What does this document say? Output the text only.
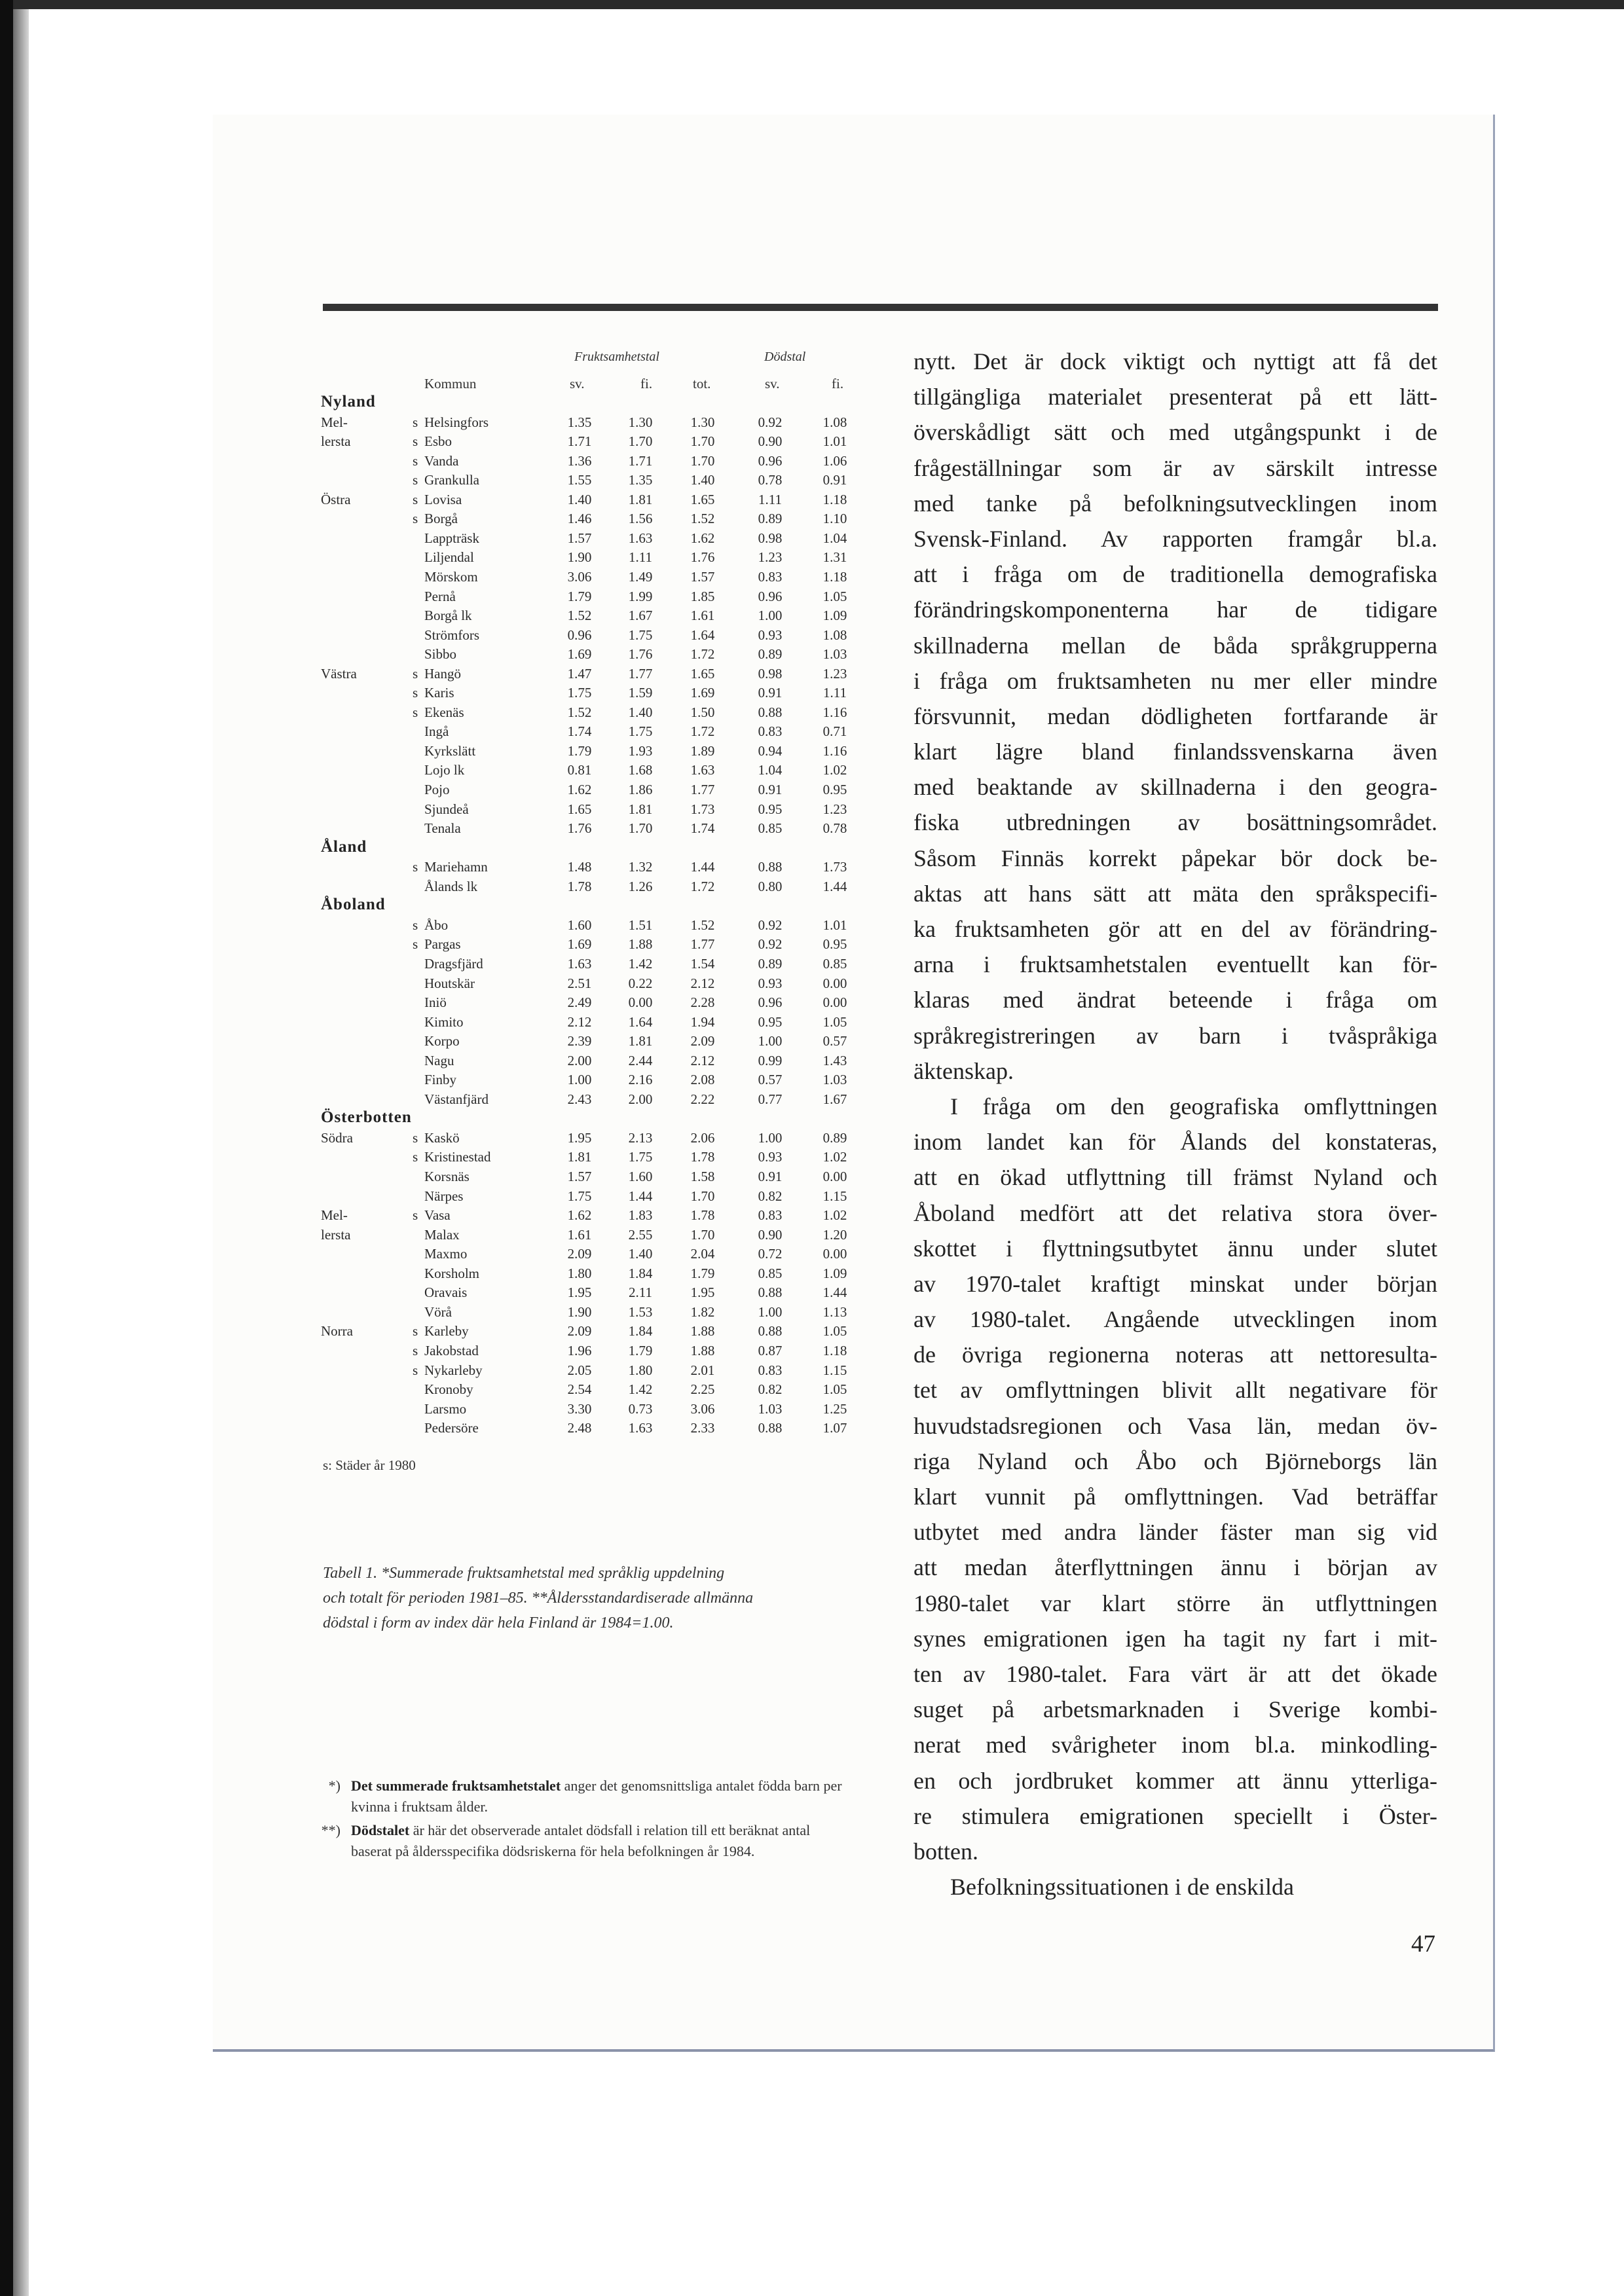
Fruktsamhetstal	Dödstal
Kommun	sv.	fi.	tot.	sv.	fi.
Nyland
Mel-	s Helsingfors	1.35	1.30	1.30	0.92	1.08
lersta	s Esbo	1.71	1.70	1.70	0.90	1.01
s Vanda	1.36	1.71	1.70	0.96	1.06
s Grankulla	1.55	1.35	1.40	0.78	0.91
Östra	s Lovisa	1.40	1.81	1.65	1.11	1.18
s Borgå	1.46	1.56	1.52	0.89	1.10
Lappträsk	1.57	1.63	1.62	0.98	1.04
Liljendal	1.90	1.11	1.76	1.23	1.31
Mörskom	3.06	1.49	1.57	0.83	1.18
Pernå	1.79	1.99	1.85	0.96	1.05
Borgå lk	1.52	1.67	1.61	1.00	1.09
Strömfors	0.96	1.75	1.64	0.93	1.08
Sibbo	1.69	1.76	1.72	0.89	1.03
Västra	s Hangö	1.47	1.77	1.65	0.98	1.23
s Karis	1.75	1.59	1.69	0.91	1.11
s Ekenäs	1.52	1.40	1.50	0.88	1.16
Ingå	1.74	1.75	1.72	0.83	0.71
Kyrkslätt	1.79	1.93	1.89	0.94	1.16
Lojo lk	0.81	1.68	1.63	1.04	1.02
Pojo	1.62	1.86	1.77	0.91	0.95
Sjundeå	1.65	1.81	1.73	0.95	1.23
Tenala	1.76	1.70	1.74	0.85	0.78
Åland
s Mariehamn	1.48	1.32	1.44	0.88	1.73
Ålands lk	1.78	1.26	1.72	0.80	1.44
Åboland
s Åbo	1.60	1.51	1.52	0.92	1.01
s Pargas	1.69	1.88	1.77	0.92	0.95
Dragsfjärd	1.63	1.42	1.54	0.89	0.85
Houtskär	2.51	0.22	2.12	0.93	0.00
Iniö	2.49	0.00	2.28	0.96	0.00
Kimito	2.12	1.64	1.94	0.95	1.05
Korpo	2.39	1.81	2.09	1.00	0.57
Nagu	2.00	2.44	2.12	0.99	1.43
Finby	1.00	2.16	2.08	0.57	1.03
Västanfjärd	2.43	2.00	2.22	0.77	1.67
Österbotten
Södra	s Kaskö	1.95	2.13	2.06	1.00	0.89
s Kristinestad	1.81	1.75	1.78	0.93	1.02
Korsnäs	1.57	1.60	1.58	0.91	0.00
Närpes	1.75	1.44	1.70	0.82	1.15
Mel-	s Vasa	1.62	1.83	1.78	0.83	1.02
lersta	Malax	1.61	2.55	1.70	0.90	1.20
Maxmo	2.09	1.40	2.04	0.72	0.00
Korsholm	1.80	1.84	1.79	0.85	1.09
Oravais	1.95	2.11	1.95	0.88	1.44
Vörå	1.90	1.53	1.82	1.00	1.13
Norra	s Karleby	2.09	1.84	1.88	0.88	1.05
s Jakobstad	1.96	1.79	1.88	0.87	1.18
s Nykarleby	2.05	1.80	2.01	0.83	1.15
Kronoby	2.54	1.42	2.25	0.82	1.05
Larsmo	3.30	0.73	3.06	1.03	1.25
Pedersöre	2.48	1.63	2.33	0.88	1.07
s: Städer år 1980
Tabell 1. *Summerade fruktsamhetstal med språklig uppdelning
och totalt för perioden 1981–85. **Åldersstandardiserade allmänna
dödstal i form av index där hela Finland är 1984=1.00.
*) Det summerade fruktsamhetstalet anger det genomsnittsliga antalet födda barn per kvinna i fruktsam ålder.
**) Dödstalet är här det observerade antalet dödsfall i relation till ett beräknat antal baserat på åldersspecifika dödsriskerna för hela befolkningen år 1984.
nytt. Det är dock viktigt och nyttigt att få det
tillgängliga materialet presenterat på ett lätt-
överskådligt sätt och med utgångspunkt i de
frågeställningar som är av särskilt intresse
med tanke på befolkningsutvecklingen inom
Svensk-Finland. Av rapporten framgår bl.a.
att i fråga om de traditionella demografiska
förändringskomponenterna har de tidigare
skillnaderna mellan de båda språkgrupperna
i fråga om fruktsamheten nu mer eller mindre
försvunnit, medan dödligheten fortfarande är
klart lägre bland finlandssvenskarna även
med beaktande av skillnaderna i den geogra-
fiska utbredningen av bosättningsområdet.
Såsom Finnäs korrekt påpekar bör dock be-
aktas att hans sätt att mäta den språkspecifi-
ka fruktsamheten gör att en del av förändring-
arna i fruktsamhetstalen eventuellt kan för-
klaras med ändrat beteende i fråga om
språkregistreringen av barn i tvåspråkiga
äktenskap.
I fråga om den geografiska omflyttningen
inom landet kan för Ålands del konstateras,
att en ökad utflyttning till främst Nyland och
Åboland medfört att det relativa stora över-
skottet i flyttningsutbytet ännu under slutet
av 1970-talet kraftigt minskat under början
av 1980-talet. Angående utvecklingen inom
de övriga regionerna noteras att nettoresulta-
tet av omflyttningen blivit allt negativare för
huvudstadsregionen och Vasa län, medan öv-
riga Nyland och Åbo och Björneborgs län
klart vunnit på omflyttningen. Vad beträffar
utbytet med andra länder fäster man sig vid
att medan återflyttningen ännu i början av
1980-talet var klart större än utflyttningen
synes emigrationen igen ha tagit ny fart i mit-
ten av 1980-talet. Fara värt är att det ökade
suget på arbetsmarknaden i Sverige kombi-
nerat med svårigheter inom bl.a. minkodling-
en och jordbruket kommer att ännu ytterliga-
re stimulera emigrationen speciellt i Öster-
botten.
Befolkningssituationen i de enskilda
47
